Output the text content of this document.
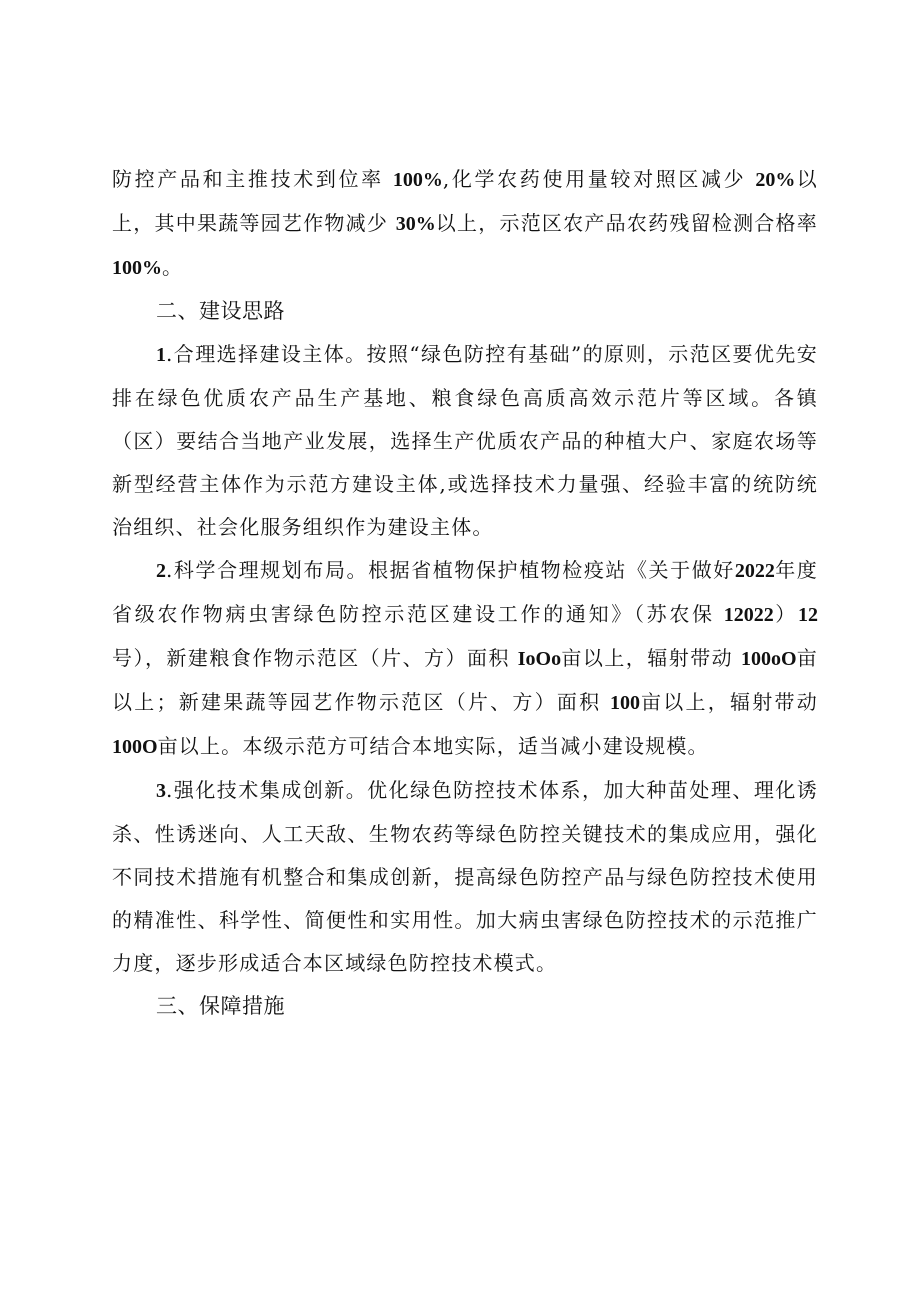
防控产品和主推技术到位率 100%,化学农药使用量较对照区减少 20%以上，其中果蔬等园艺作物减少 30%以上，示范区农产品农药残留检测合格率 100%。

二、建设思路

1.合理选择建设主体。按照“绿色防控有基础”的原则，示范区要优先安排在绿色优质农产品生产基地、粮食绿色高质高效示范片等区域。各镇（区）要结合当地产业发展，选择生产优质农产品的种植大户、家庭农场等新型经营主体作为示范方建设主体,或选择技术力量强、经验丰富的统防统治组织、社会化服务组织作为建设主体。

2.科学合理规划布局。根据省植物保护植物检疫站《关于做好2022年度省级农作物病虫害绿色防控示范区建设工作的通知》（苏农保 12022）12号），新建粮食作物示范区（片、方）面积 IoOo亩以上，辐射带动 100oO亩以上；新建果蔬等园艺作物示范区（片、方）面积 100亩以上，辐射带动 100O亩以上。本级示范方可结合本地实际，适当减小建设规模。

3.强化技术集成创新。优化绿色防控技术体系，加大种苗处理、理化诱杀、性诱迷向、人工天敌、生物农药等绿色防控关键技术的集成应用，强化不同技术措施有机整合和集成创新，提高绿色防控产品与绿色防控技术使用的精准性、科学性、简便性和实用性。加大病虫害绿色防控技术的示范推广力度，逐步形成适合本区域绿色防控技术模式。

三、保障措施
